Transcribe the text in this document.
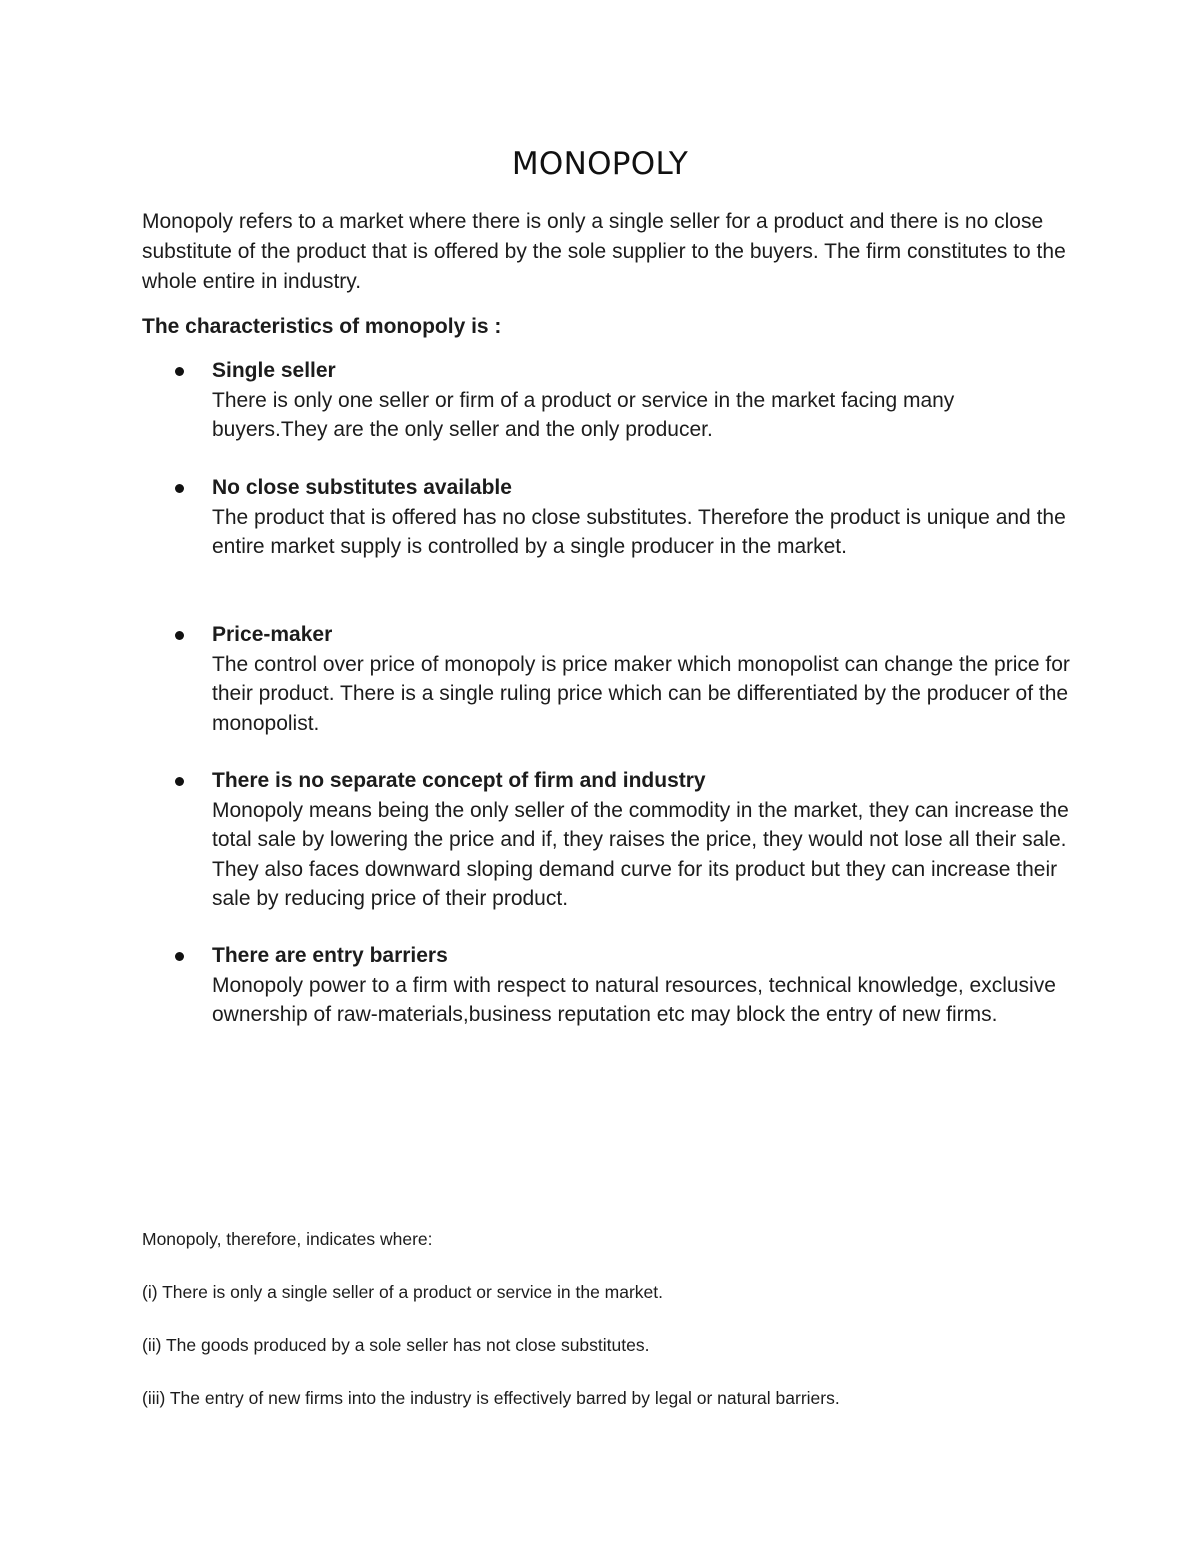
MONOPOLY

Monopoly refers to a market where there is only a single seller for a product and there is no close substitute of the product that is offered by the sole supplier to the buyers. The firm constitutes to the whole entire in industry.

The characteristics of monopoly is :

Single seller
There is only one seller or firm of a product or service in the market facing many buyers.They are the only seller and the only producer.
No close substitutes available
The product that is offered has no close substitutes. Therefore the product is unique and the entire market supply is controlled by a single producer in the market.
Price-maker
The control over price of monopoly is price maker which monopolist can change the price for their product. There is a single ruling price which can be differentiated by the producer of the monopolist.
There is no separate concept of firm and industry
Monopoly means being the only seller of the commodity in the market, they can increase the total sale by lowering the price and if, they raises the price, they would not lose all their sale. They also faces downward sloping demand curve for its product but they can increase their sale by reducing price of their product.
There are entry barriers
Monopoly power to a firm with respect to natural resources, technical knowledge, exclusive ownership of raw-materials,business reputation etc may block the entry of new firms.

Monopoly, therefore, indicates where:

(i) There is only a single seller of a product or service in the market.

(ii) The goods produced by a sole seller has not close substitutes.

(iii) The entry of new firms into the industry is effectively barred by legal or natural barriers.
